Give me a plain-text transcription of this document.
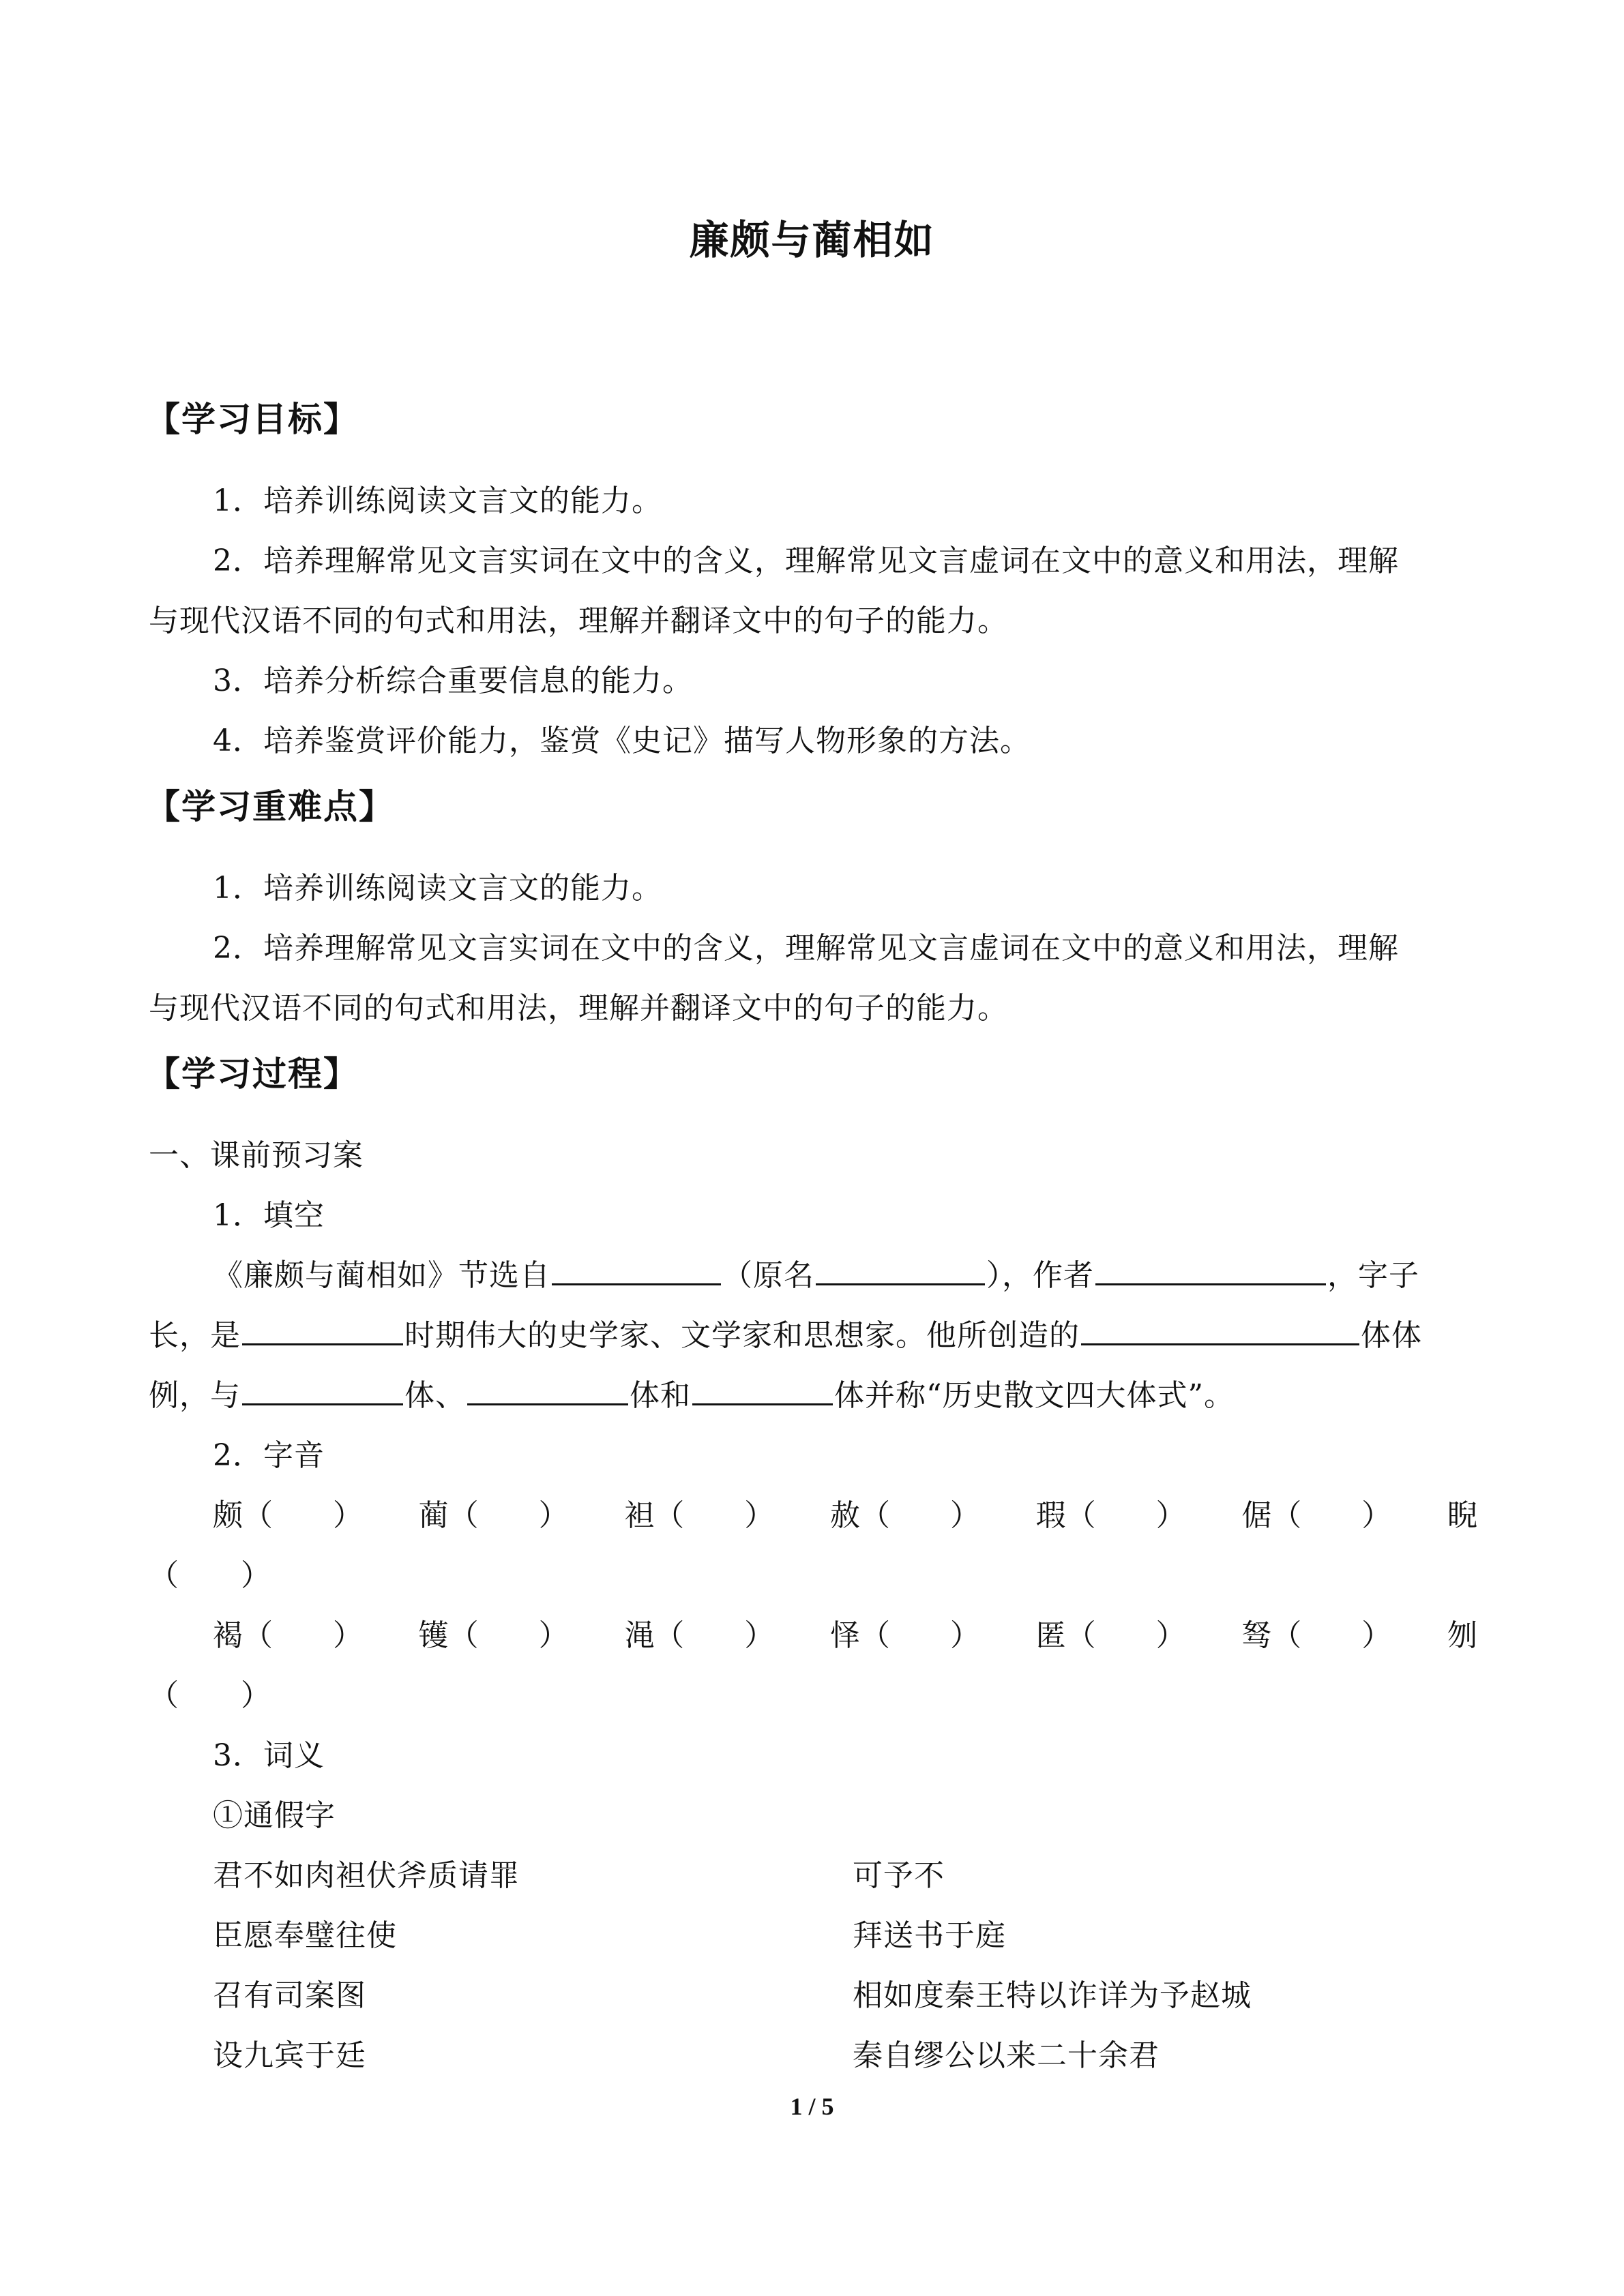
廉颇与蔺相如
【学习目标】
1．培养训练阅读文言文的能力。
2．培养理解常见文言实词在文中的含义，理解常见文言虚词在文中的意义和用法，理解
与现代汉语不同的句式和用法，理解并翻译文中的句子的能力。
3．培养分析综合重要信息的能力。
4．培养鉴赏评价能力，鉴赏《史记》描写人物形象的方法。
【学习重难点】
1．培养训练阅读文言文的能力。
2．培养理解常见文言实词在文中的含义，理解常见文言虚词在文中的意义和用法，理解
与现代汉语不同的句式和用法，理解并翻译文中的句子的能力。
【学习过程】
一、课前预习案
1．填空
《廉颇与蔺相如》节选自	（原名	），作者	，字子
长，是	时期伟大的史学家、文学家和思想家。他所创造的	体体
例，与	体、	体和	体并称“历史散文四大体式”。
2．字音
颇（　　） 蔺（　　） 袒（　　） 赦（　　） 瑕（　　） 倨（　　） 睨
（　　）
褐（　　） 镬（　　） 渑（　　） 怿（　　） 匿（　　） 驽（　　） 刎
（　　）
3．词义
①通假字
君不如肉袒伏斧质请罪	可予不
臣愿奉璧往使	拜送书于庭
召有司案图	相如度秦王特以诈详为予赵城
设九宾于廷	秦自缪公以来二十余君
1 / 5
